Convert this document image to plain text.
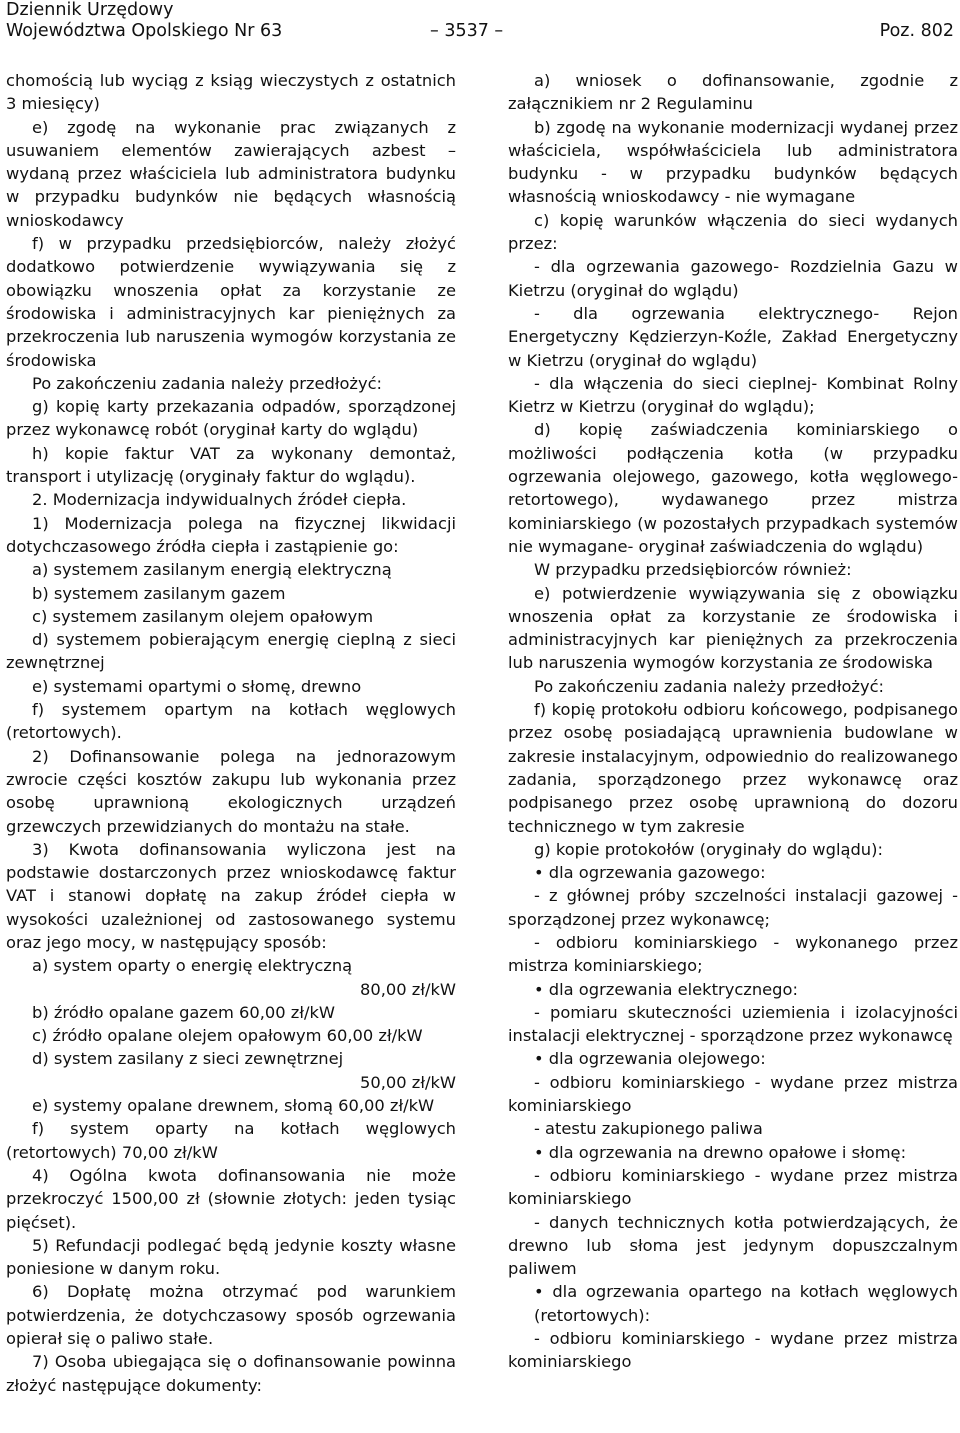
Dziennik Urzędowy
Województwa Opolskiego Nr 63	– 3537 –	Poz. 802

chomością lub wyciąg z ksiąg wieczystych z ostatnich 3 miesięcy)

e) zgodę na wykonanie prac związanych z usuwaniem elementów zawierających azbest – wydaną przez właściciela lub administratora budynku w przypadku budynków nie będących własnością wnioskodawcy

f) w przypadku przedsiębiorców, należy złożyć dodatkowo potwierdzenie wywiązywania się z obowiązku wnoszenia opłat za korzystanie ze środowiska i administracyjnych kar pieniężnych za przekroczenia lub naruszenia wymogów korzystania ze środowiska

Po zakończeniu zadania należy przedłożyć:

g) kopię karty przekazania odpadów, sporządzonej przez wykonawcę robót (oryginał karty do wglądu)

h) kopie faktur VAT za wykonany demontaż, transport i utylizację (oryginały faktur do wglądu).

2. Modernizacja indywidualnych źródeł ciepła.

1) Modernizacja polega na fizycznej likwidacji dotychczasowego źródła ciepła i zastąpienie go:

a) systemem zasilanym energią elektryczną

b) systemem zasilanym gazem

c) systemem zasilanym olejem opałowym

d) systemem pobierającym energię cieplną z sieci zewnętrznej

e) systemami opartymi o słomę, drewno

f) systemem opartym na kotłach węglowych (retortowych).

2) Dofinansowanie polega na jednorazowym zwrocie części kosztów zakupu lub wykonania przez osobę uprawnioną ekologicznych urządzeń grzewczych przewidzianych do montażu na stałe.

3) Kwota dofinansowania wyliczona jest na podstawie dostarczonych przez wnioskodawcę faktur VAT i stanowi dopłatę na zakup źródeł ciepła w wysokości uzależnionej od zastosowanego systemu oraz jego mocy, w następujący sposób:

a) system oparty o energię elektryczną

80,00 zł/kW

b) źródło opalane gazem 60,00 zł/kW

c) źródło opalane olejem opałowym 60,00 zł/kW

d) system zasilany z sieci zewnętrznej

50,00 zł/kW

e) systemy opalane drewnem, słomą 60,00 zł/kW

f) system oparty na kotłach węglowych (retortowych) 70,00 zł/kW

4) Ogólna kwota dofinansowania nie może przekroczyć 1500,00 zł (słownie złotych: jeden tysiąc pięćset).

5) Refundacji podlegać będą jedynie koszty własne poniesione w danym roku.

6) Dopłatę można otrzymać pod warunkiem potwierdzenia, że dotychczasowy sposób ogrzewania opierał się o paliwo stałe.

7) Osoba ubiegająca się o dofinansowanie powinna złożyć następujące dokumenty:

a) wniosek o dofinansowanie, zgodnie z załącznikiem nr 2 Regulaminu

b) zgodę na wykonanie modernizacji wydanej przez właściciela, współwłaściciela lub administratora budynku - w przypadku budynków będących własnością wnioskodawcy - nie wymagane

c) kopię warunków włączenia do sieci wydanych przez:

- dla ogrzewania gazowego- Rozdzielnia Gazu w Kietrzu (oryginał do wglądu)

- dla ogrzewania elektrycznego- Rejon Energetyczny Kędzierzyn-Koźle, Zakład Energetyczny w Kietrzu (oryginał do wglądu)

- dla włączenia do sieci cieplnej- Kombinat Rolny Kietrz w Kietrzu (oryginał do wglądu);

d) kopię zaświadczenia kominiarskiego o możliwości podłączenia kotła (w przypadku ogrzewania olejowego, gazowego, kotła węglowego- retortowego), wydawanego przez mistrza kominiarskiego (w pozostałych przypadkach systemów nie wymagane- oryginał zaświadczenia do wglądu)

W przypadku przedsiębiorców również:

e) potwierdzenie wywiązywania się z obowiązku wnoszenia opłat za korzystanie ze środowiska i administracyjnych kar pieniężnych za przekroczenia lub naruszenia wymogów korzystania ze środowiska

Po zakończeniu zadania należy przedłożyć:

f) kopię protokołu odbioru końcowego, podpisanego przez osobę posiadającą uprawnienia budowlane w zakresie instalacyjnym, odpowiednio do realizowanego zadania, sporządzonego przez wykonawcę oraz podpisanego przez osobę uprawnioną do dozoru technicznego w tym zakresie

g) kopie protokołów (oryginały do wglądu):

• dla ogrzewania gazowego:

- z głównej próby szczelności instalacji gazowej - sporządzonej przez wykonawcę;

- odbioru kominiarskiego - wykonanego przez mistrza kominiarskiego;

• dla ogrzewania elektrycznego:

- pomiaru skuteczności uziemienia i izolacyjności instalacji elektrycznej - sporządzone przez wykonawcę

• dla ogrzewania olejowego:

- odbioru kominiarskiego - wydane przez mistrza kominiarskiego

- atestu zakupionego paliwa

• dla ogrzewania na drewno opałowe i słomę:

- odbioru kominiarskiego - wydane przez mistrza kominiarskiego

- danych technicznych kotła potwierdzających, że drewno lub słoma jest jedynym dopuszczalnym paliwem

• dla ogrzewania opartego na kotłach węglowych (retortowych):

- odbioru kominiarskiego - wydane przez mistrza kominiarskiego
